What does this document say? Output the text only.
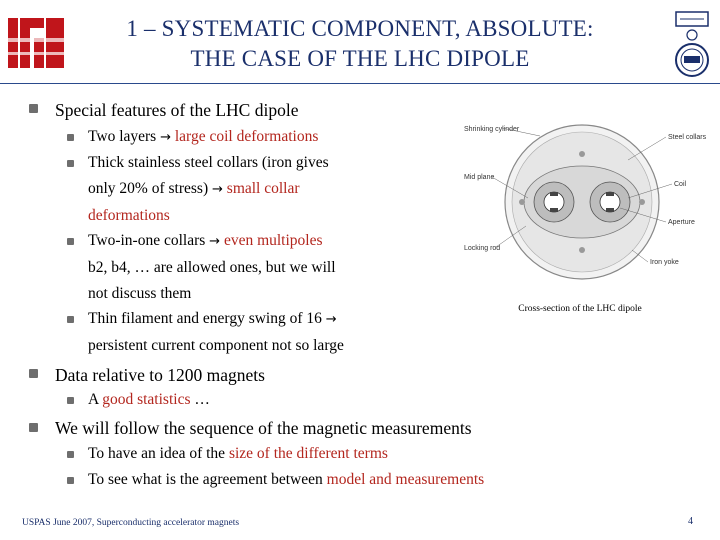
1 – SYSTEMATIC COMPONENT, ABSOLUTE:
THE CASE OF THE LHC DIPOLE
Special features of the LHC dipole
Two layers → large coil deformations
Thick stainless steel collars (iron gives
only 20% of stress) → small collar
deformations
Two-in-one collars → even multipoles
b2, b4, … are allowed ones, but we will
not discuss them
Thin filament and energy swing of 16 →
persistent current component not so large
Data relative to 1200 magnets
A good statistics …
We will follow the sequence of the magnetic measurements
To have an idea of the size of the different terms
To see what is the agreement between model and measurements
Shrinking cylinder
Mid plane
Locking rod
Steel collars
Coil
Aperture
Iron yoke
Cross-section of the LHC dipole
USPAS June 2007, Superconducting accelerator magnets	4
